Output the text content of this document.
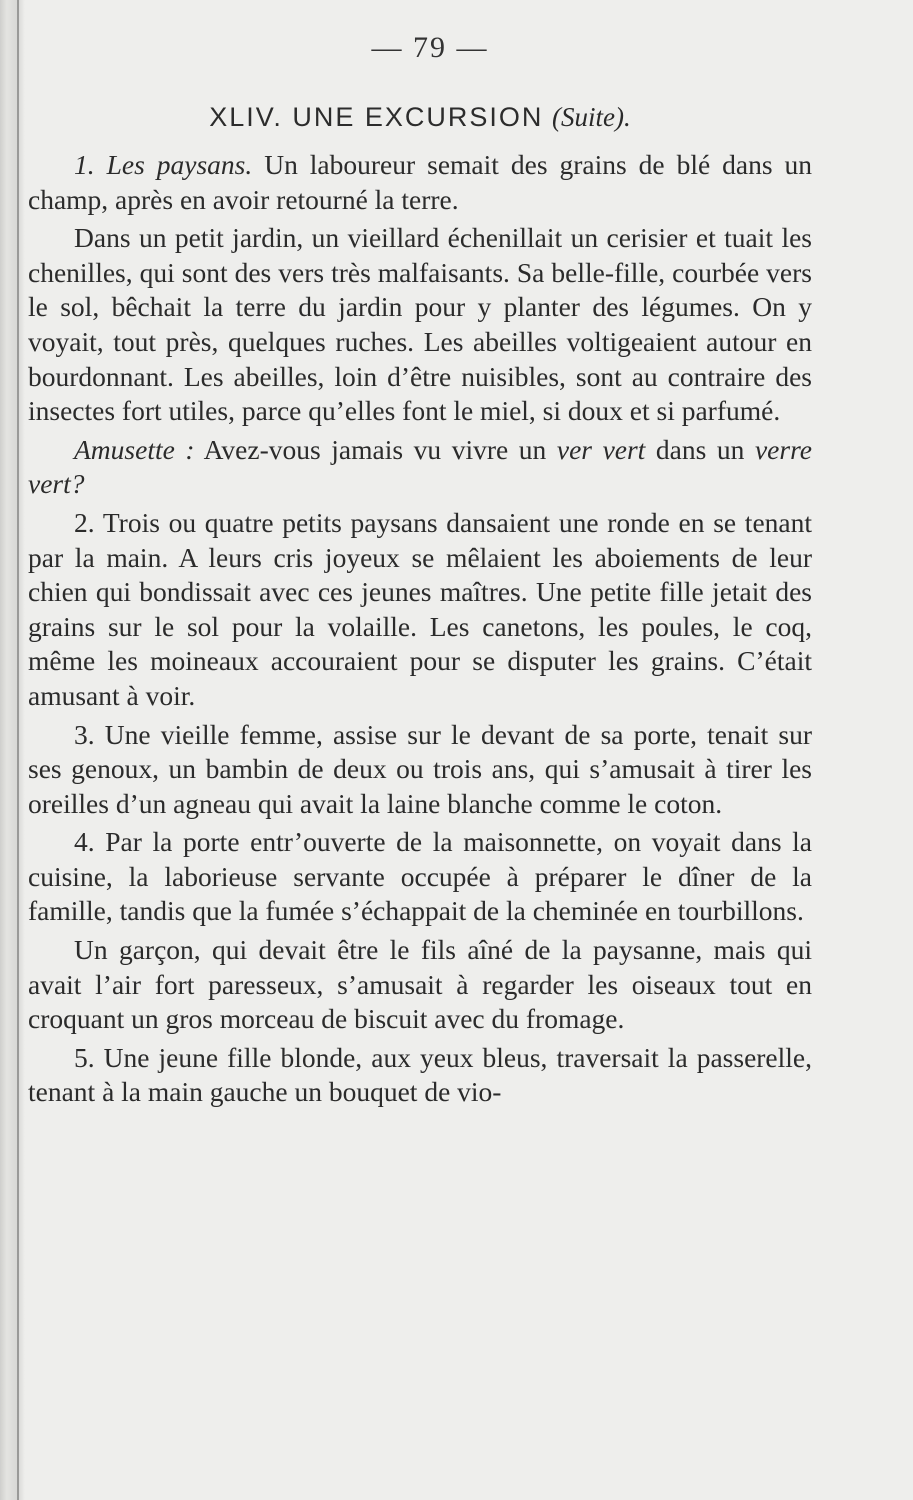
— 79 —
XLIV. UNE EXCURSION (Suite).

1. Les paysans. Un laboureur semait des grains de blé dans un champ, après en avoir retourné la terre.

Dans un petit jardin, un vieillard échenillait un cerisier et tuait les chenilles, qui sont des vers très malfaisants. Sa belle-fille, courbée vers le sol, bêchait la terre du jardin pour y planter des légumes. On y voyait, tout près, quelques ruches. Les abeilles voltigeaient autour en bourdonnant. Les abeilles, loin d’être nuisibles, sont au contraire des insectes fort utiles, parce qu’elles font le miel, si doux et si parfumé.

Amusette : Avez-vous jamais vu vivre un ver vert dans un verre vert?

2. Trois ou quatre petits paysans dansaient une ronde en se tenant par la main. A leurs cris joyeux se mêlaient les aboiements de leur chien qui bondissait avec ces jeunes maîtres. Une petite fille jetait des grains sur le sol pour la volaille. Les canetons, les poules, le coq, même les moineaux accouraient pour se disputer les grains. C’était amusant à voir.

3. Une vieille femme, assise sur le devant de sa porte, tenait sur ses genoux, un bambin de deux ou trois ans, qui s’amusait à tirer les oreilles d’un agneau qui avait la laine blanche comme le coton.

4. Par la porte entr’ouverte de la maisonnette, on voyait dans la cuisine, la laborieuse servante occupée à préparer le dîner de la famille, tandis que la fumée s’échappait de la cheminée en tourbillons.

Un garçon, qui devait être le fils aîné de la paysanne, mais qui avait l’air fort paresseux, s’amusait à regarder les oiseaux tout en croquant un gros morceau de biscuit avec du fromage.

5. Une jeune fille blonde, aux yeux bleus, traversait la passerelle, tenant à la main gauche un bouquet de vio-
